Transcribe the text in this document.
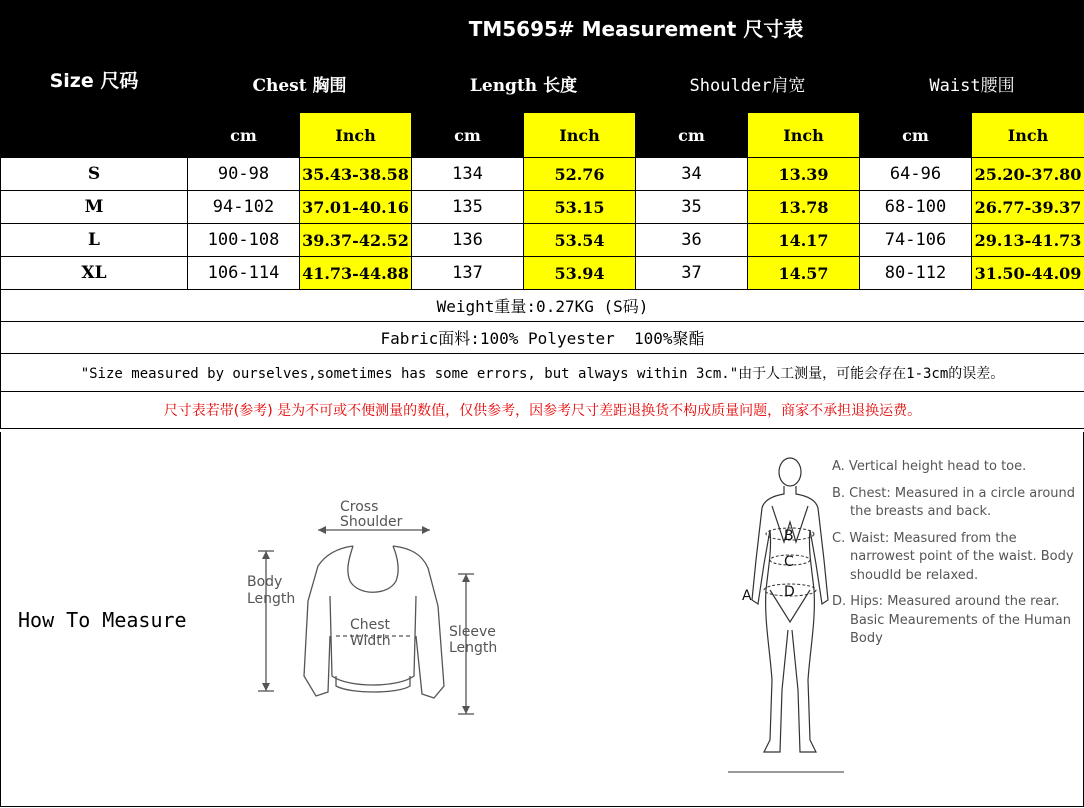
Size 尺码	TM5695# Measurement 尺寸表							
	Chest 胸围		Length 长度		Shoulder肩宽		Waist腰围	
	cm	Inch	cm	Inch	cm	Inch	cm	Inch
S	90-98	35.43-38.58	134	52.76	34	13.39	64-96	25.20-37.80
M	94-102	37.01-40.16	135	53.15	35	13.78	68-100	26.77-39.37
L	100-108	39.37-42.52	136	53.54	36	14.17	74-106	29.13-41.73
XL	106-114	41.73-44.88	137	53.94	37	14.57	80-112	31.50-44.09
Weight重量:0.27KG (S码)								
Fabric面料:100% Polyester  100%聚酯								
"Size measured by ourselves,sometimes has some errors, but always within 3cm."由于人工测量，可能会存在1-3cm的误差。								
尺寸表若带(参考) 是为不可或不便测量的数值，仅供参考，因参考尺寸差距退换货不构成质量问题，商家不承担退换运费。								
How To Measure
Cross
Shoulder
Body
Length
Chest
Width
Sleeve
Length
A
B
C
D

A. Vertical height head to toe.

B. Chest: Measured in a circle around the breasts and back.

C. Waist: Measured from the narrowest point of the waist. Body shoudld be relaxed.

D. Hips: Measured around the rear. Basic Meaurements of the Human Body
